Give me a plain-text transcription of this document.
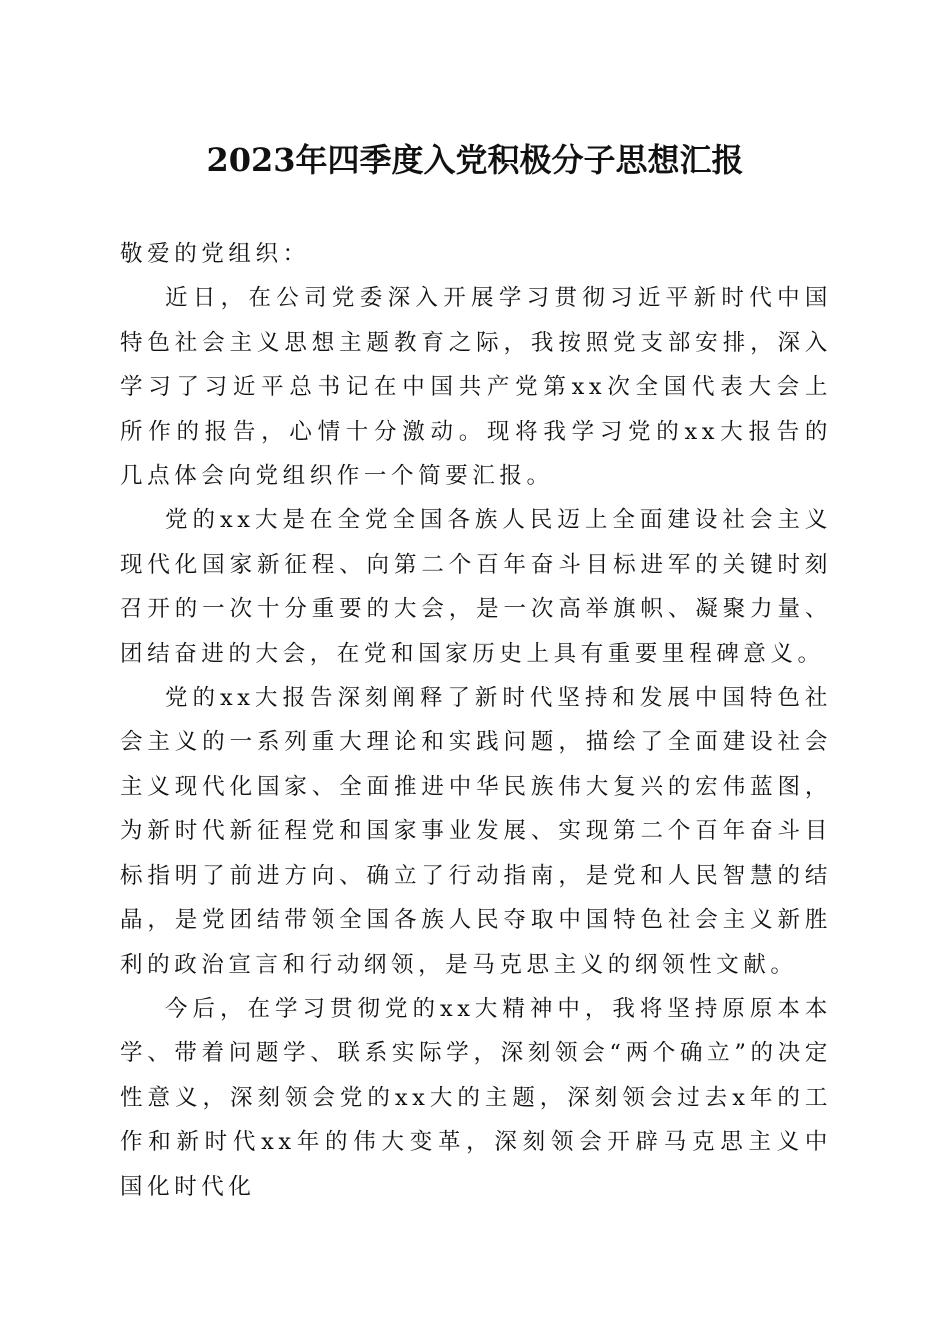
2023年四季度入党积极分子思想汇报

敬爱的党组织：

近日，在公司党委深入开展学习贯彻习近平新时代中国特色社会主义思想主题教育之际，我按照党支部安排，深入学习了习近平总书记在中国共产党第xx次全国代表大会上所作的报告，心情十分激动。现将我学习党的xx大报告的几点体会向党组织作一个简要汇报。

党的xx大是在全党全国各族人民迈上全面建设社会主义现代化国家新征程、向第二个百年奋斗目标进军的关键时刻召开的一次十分重要的大会，是一次高举旗帜、凝聚力量、团结奋进的大会，在党和国家历史上具有重要里程碑意义。

党的xx大报告深刻阐释了新时代坚持和发展中国特色社会主义的一系列重大理论和实践问题，描绘了全面建设社会主义现代化国家、全面推进中华民族伟大复兴的宏伟蓝图，为新时代新征程党和国家事业发展、实现第二个百年奋斗目标指明了前进方向、确立了行动指南，是党和人民智慧的结晶，是党团结带领全国各族人民夺取中国特色社会主义新胜利的政治宣言和行动纲领，是马克思主义的纲领性文献。

今后，在学习贯彻党的xx大精神中，我将坚持原原本本学、带着问题学、联系实际学，深刻领会“两个确立”的决定性意义，深刻领会党的xx大的主题，深刻领会过去x年的工作和新时代xx年的伟大变革，深刻领会开辟马克思主义中国化时代化
